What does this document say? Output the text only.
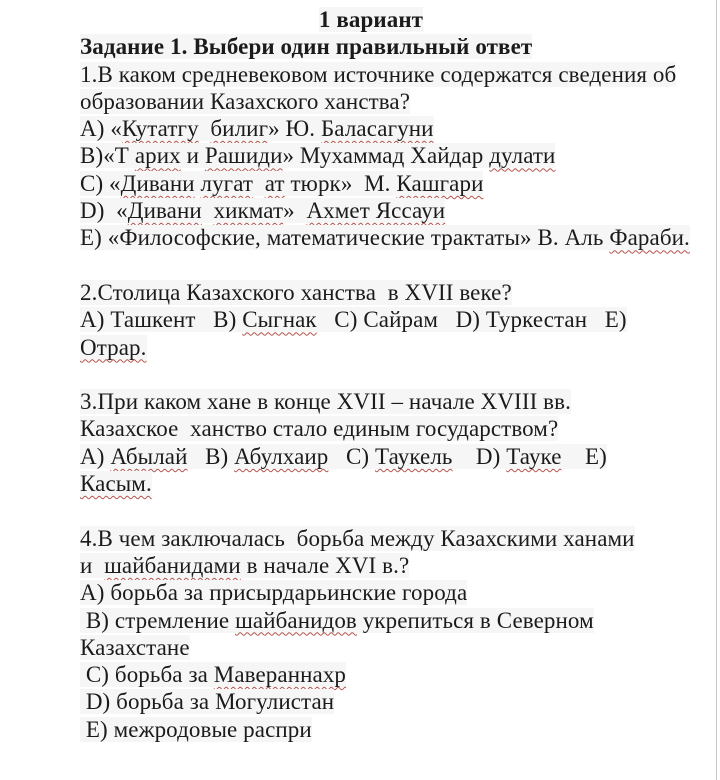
1 вариант
Задание 1. Выбери один правильный ответ
1.В каком средневековом источнике содержатся сведения об
образовании Казахского ханства?
А) «Кутатгу билиг» Ю. Баласагуни
В)«Т арих и Рашиди» Мухаммад Хайдар дулати
С) «Дивани лугат ат тюрк»  М. Кашгари
D)  «Дивани хикмат»  Ахмет Яссауи
Е) «Философские, математические трактаты» В. Аль Фараби.
2.Столица Казахского ханства  в XVII веке?
А) Ташкент   В) Сыгнак   С) Сайрам   D) Туркестан   Е)
Отрар.
3.При каком хане в конце XVII – начале XVIII вв.
Казахское  ханство стало единым государством?
А) Абылай   В) Абулхаир   С) Таукель    D) Тауке    Е)
Касым.
4.В чем заключалась  борьба между Казахскими ханами
и  шайбанидами в начале XVI в.?
А) борьба за присырдарьинские города
В) стремление шайбанидов укрепиться в Северном
Казахстане
С) борьба за Мавераннахр
D) борьба за Могулистан
Е) межродовые распри
